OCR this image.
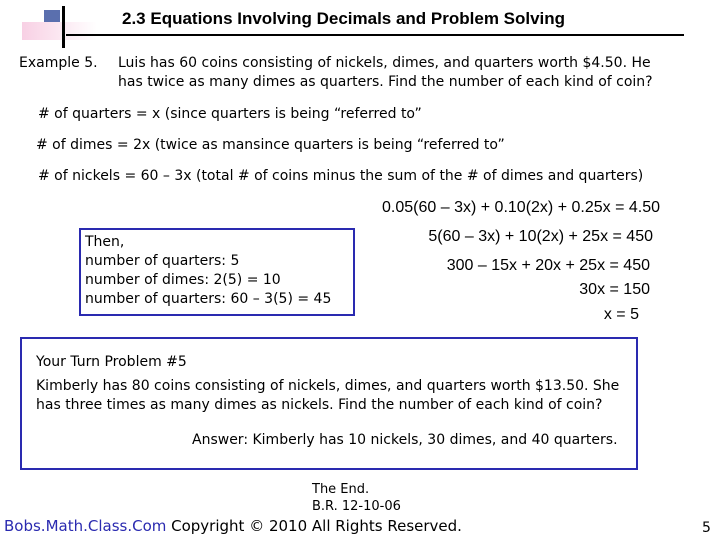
2.3 Equations Involving Decimals and Problem Solving
Example 5. Luis has 60 coins consisting of nickels, dimes, and quarters worth $4.50. He
has twice as many dimes as quarters. Find the number of each kind of coin?
# of quarters = x (since quarters is being “referred to”
# of dimes = 2x (twice as mansince quarters is being “referred to”
# of nickels = 60 – 3x (total # of coins minus the sum of the # of dimes and quarters)
0.05(60 – 3x) + 0.10(2x) + 0.25x = 4.50
5(60 – 3x) + 10(2x) + 25x = 450
300 – 15x + 20x + 25x = 450
30x = 150
x = 5
Then,
number of quarters: 5
number of dimes: 2(5) = 10
number of quarters: 60 – 3(5) = 45
Your Turn Problem #5
Kimberly has 80 coins consisting of nickels, dimes, and quarters worth $13.50. She
has three times as many dimes as nickels. Find the number of each kind of coin?
Answer: Kimberly has 10 nickels, 30 dimes, and 40 quarters.
The End.
B.R. 12-10-06
Bobs.Math.Class.Com Copyright © 2010 All Rights Reserved.	5
